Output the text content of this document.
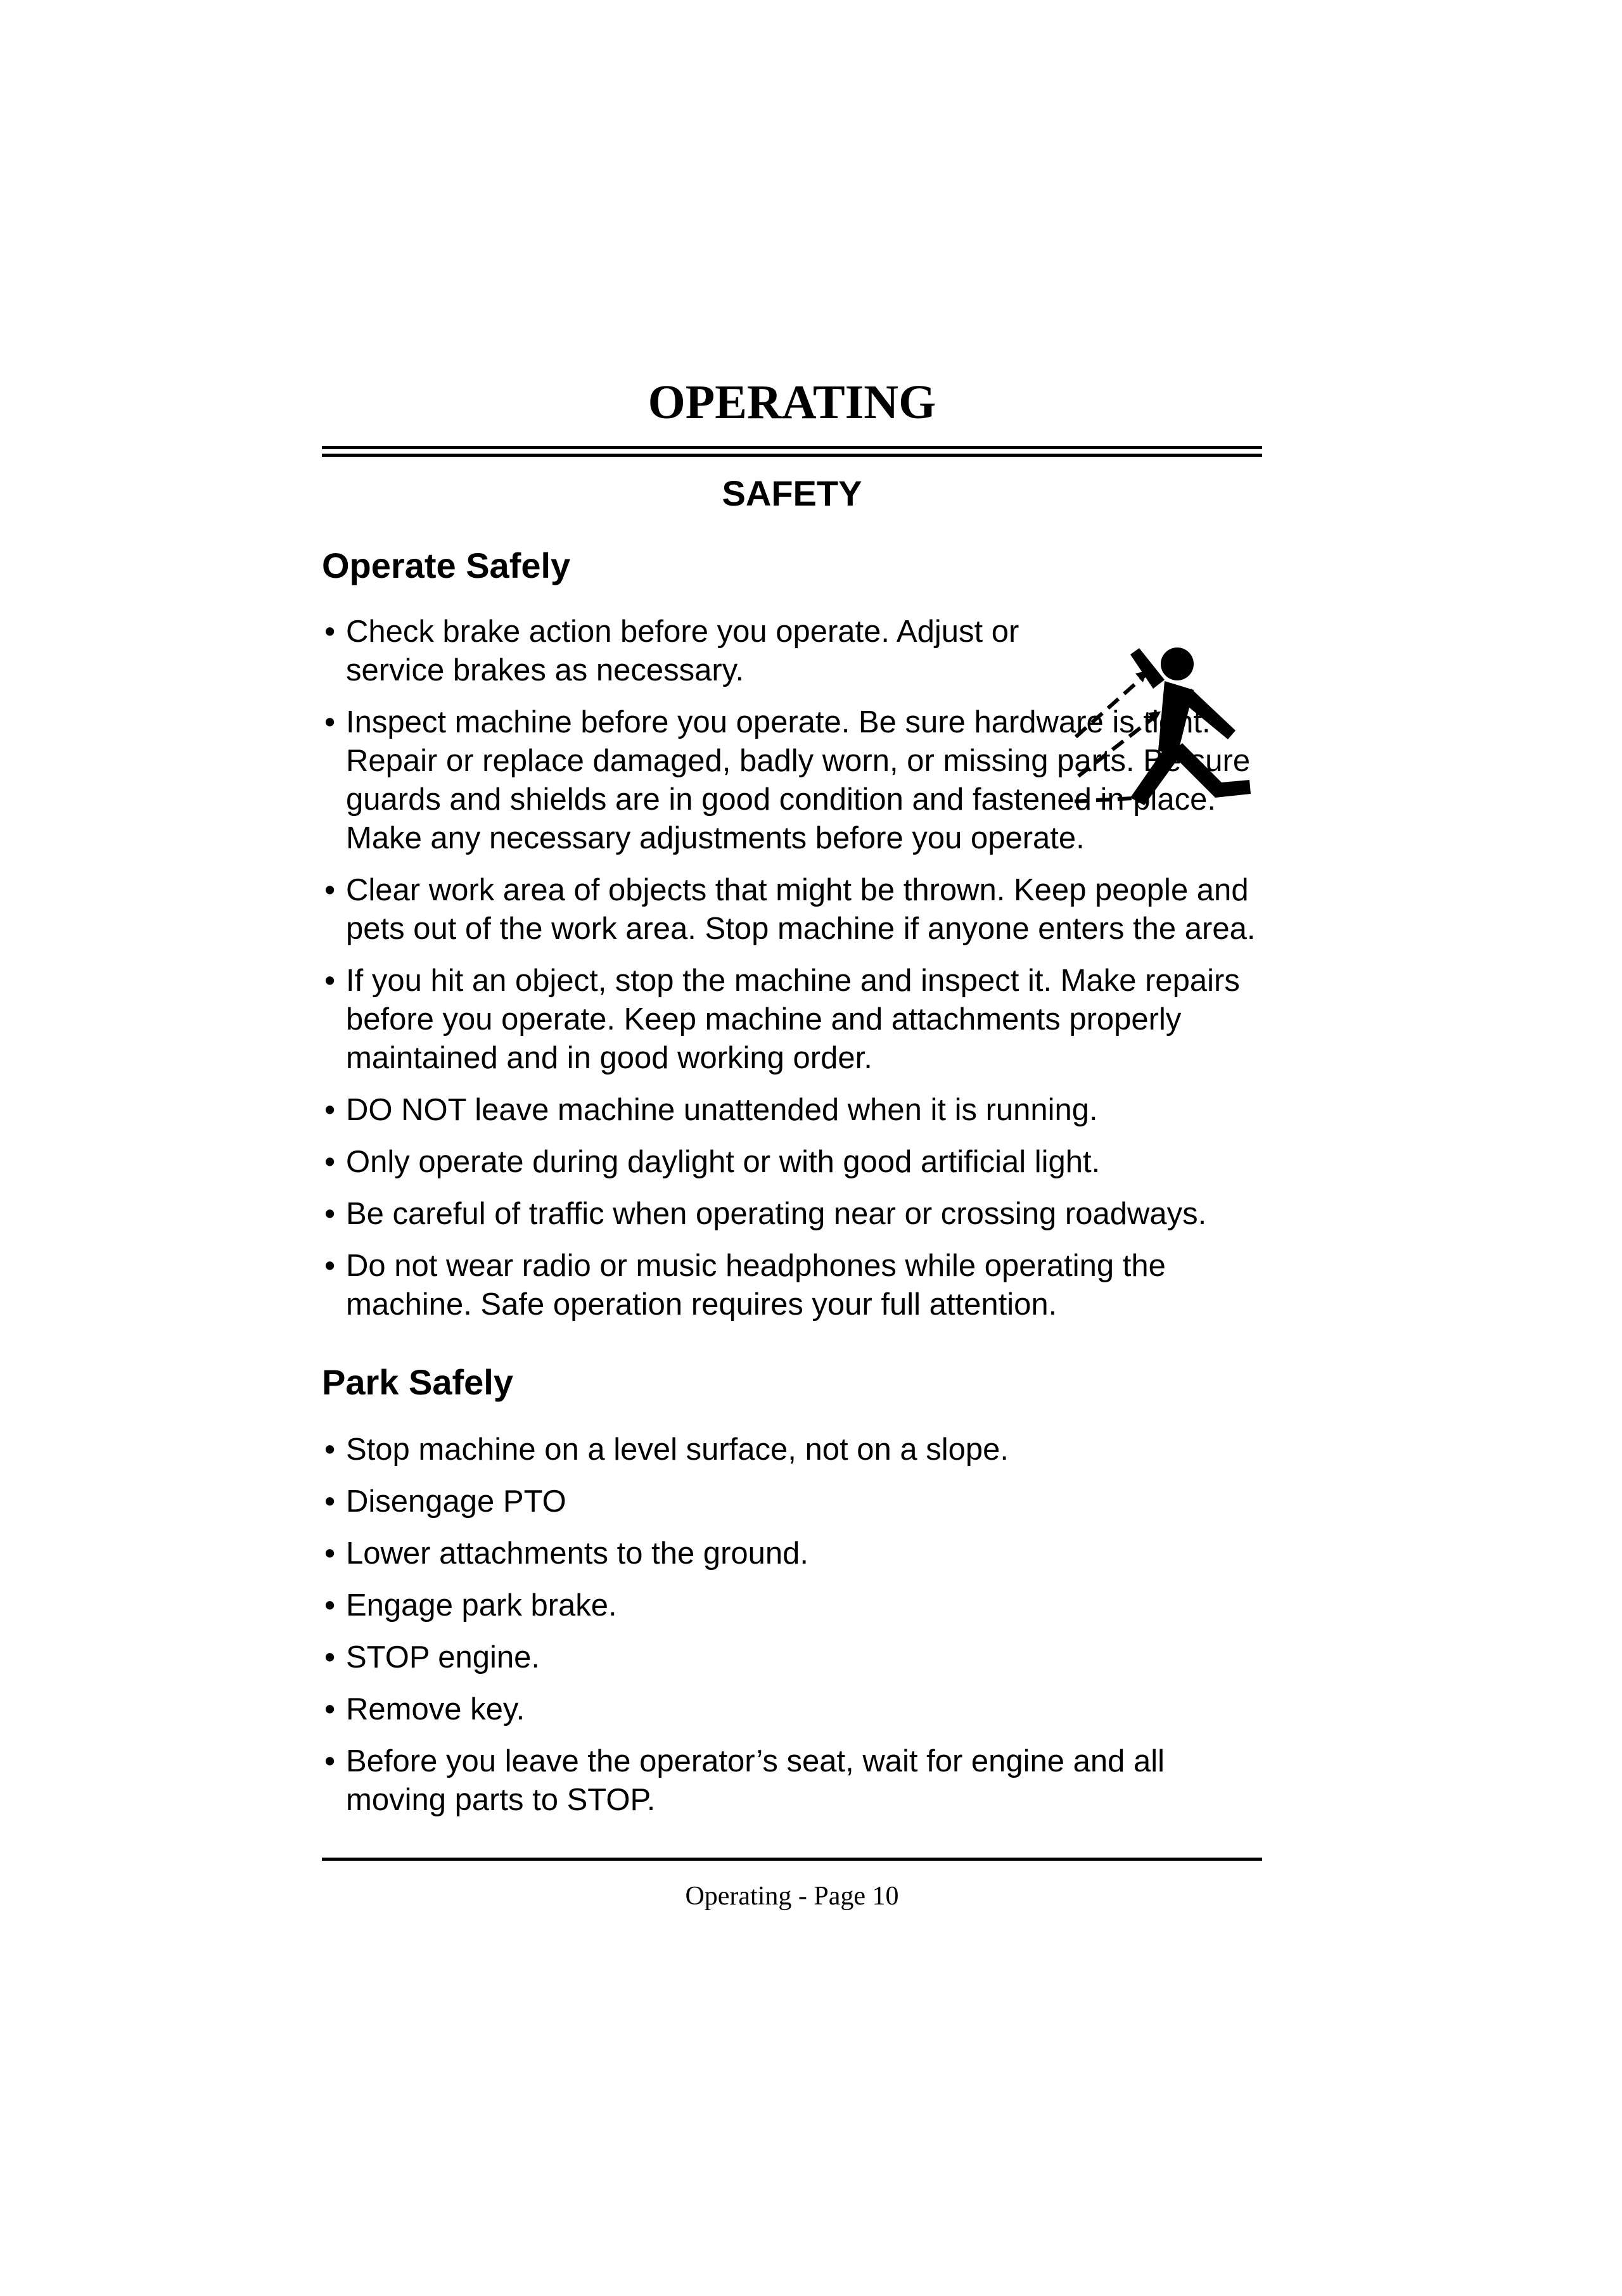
OPERATING
SAFETY
Operate Safely
• Check brake action before you operate. Adjust or service brakes as necessary.
• Inspect machine before you operate. Be sure hardware is tight. Repair or replace damaged, badly worn, or missing parts. Be sure guards and shields are in good condition and fastened in place. Make any necessary adjustments before you operate.
• Clear work area of objects that might be thrown. Keep people and pets out of the work area. Stop machine if anyone enters the area.
• If you hit an object, stop the machine and inspect it. Make repairs before you operate. Keep machine and attachments properly maintained and in good working order.
• DO NOT leave machine unattended when it is running.
• Only operate during daylight or with good artificial light.
• Be careful of traffic when operating near or crossing roadways.
• Do not wear radio or music headphones while operating the machine. Safe operation requires your full attention.
Park Safely
• Stop machine on a level surface, not on a slope.
• Disengage PTO
• Lower attachments to the ground.
• Engage park brake.
• STOP engine.
• Remove key.
• Before you leave the operator’s seat, wait for engine and all moving parts to STOP.
Operating - Page 10
